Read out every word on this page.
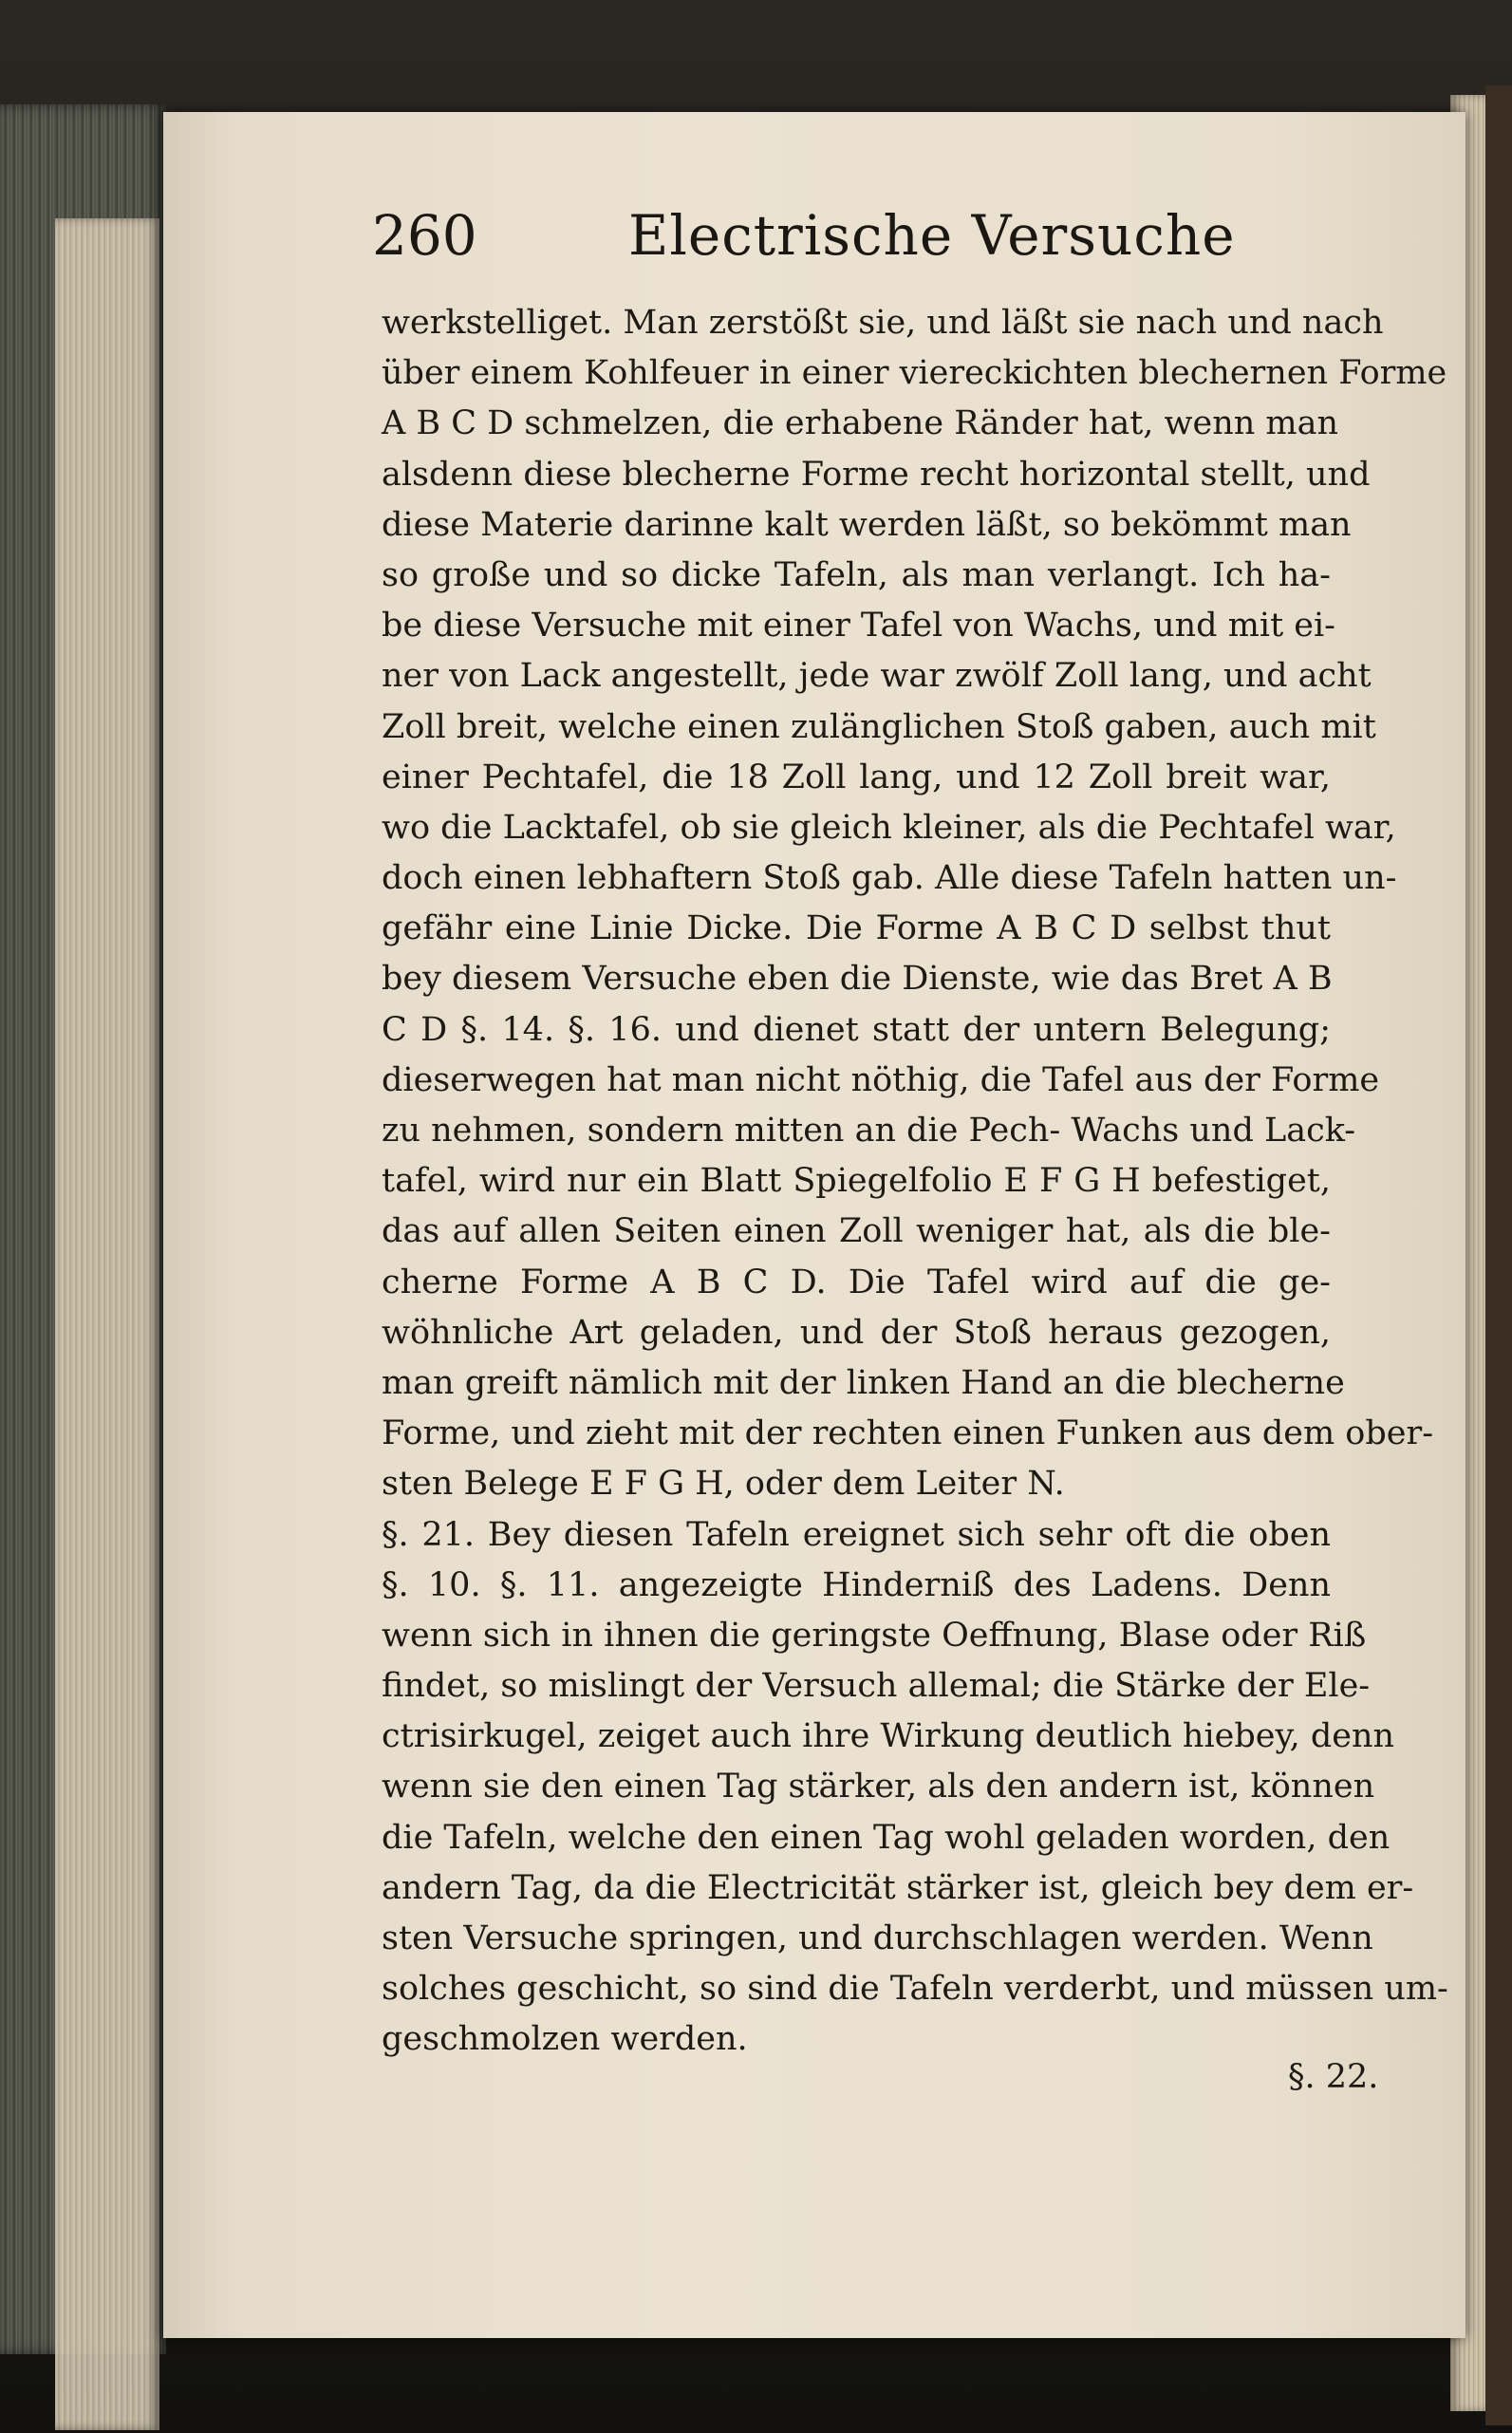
260	Electrische Versuche
werkstelliget. Man zerstößt sie, und läßt sie nach und nach
über einem Kohlfeuer in einer viereckichten blechernen Forme
A B C D schmelzen, die erhabene Ränder hat, wenn man
alsdenn diese blecherne Forme recht horizontal stellt, und
diese Materie darinne kalt werden läßt, so bekömmt man
so große und so dicke Tafeln, als man verlangt. Ich ha-
be diese Versuche mit einer Tafel von Wachs, und mit ei-
ner von Lack angestellt, jede war zwölf Zoll lang, und acht
Zoll breit, welche einen zulänglichen Stoß gaben, auch mit
einer Pechtafel, die 18 Zoll lang, und 12 Zoll breit war,
wo die Lacktafel, ob sie gleich kleiner, als die Pechtafel war,
doch einen lebhaftern Stoß gab. Alle diese Tafeln hatten un-
gefähr eine Linie Dicke. Die Forme A B C D selbst thut
bey diesem Versuche eben die Dienste, wie das Bret A B
C D §. 14. §. 16. und dienet statt der untern Belegung;
dieserwegen hat man nicht nöthig, die Tafel aus der Forme
zu nehmen, sondern mitten an die Pech- Wachs und Lack-
tafel, wird nur ein Blatt Spiegelfolio E F G H befestiget,
das auf allen Seiten einen Zoll weniger hat, als die ble-
cherne Forme A B C D. Die Tafel wird auf die ge-
wöhnliche Art geladen, und der Stoß heraus gezogen,
man greift nämlich mit der linken Hand an die blecherne
Forme, und zieht mit der rechten einen Funken aus dem ober-
sten Belege E F G H, oder dem Leiter N.
§. 21. Bey diesen Tafeln ereignet sich sehr oft die oben
§. 10. §. 11. angezeigte Hinderniß des Ladens. Denn
wenn sich in ihnen die geringste Oeffnung, Blase oder Riß
findet, so mislingt der Versuch allemal; die Stärke der Ele-
ctrisirkugel, zeiget auch ihre Wirkung deutlich hiebey, denn
wenn sie den einen Tag stärker, als den andern ist, können
die Tafeln, welche den einen Tag wohl geladen worden, den
andern Tag, da die Electricität stärker ist, gleich bey dem er-
sten Versuche springen, und durchschlagen werden. Wenn
solches geschicht, so sind die Tafeln verderbt, und müssen um-
geschmolzen werden.
§. 22.
